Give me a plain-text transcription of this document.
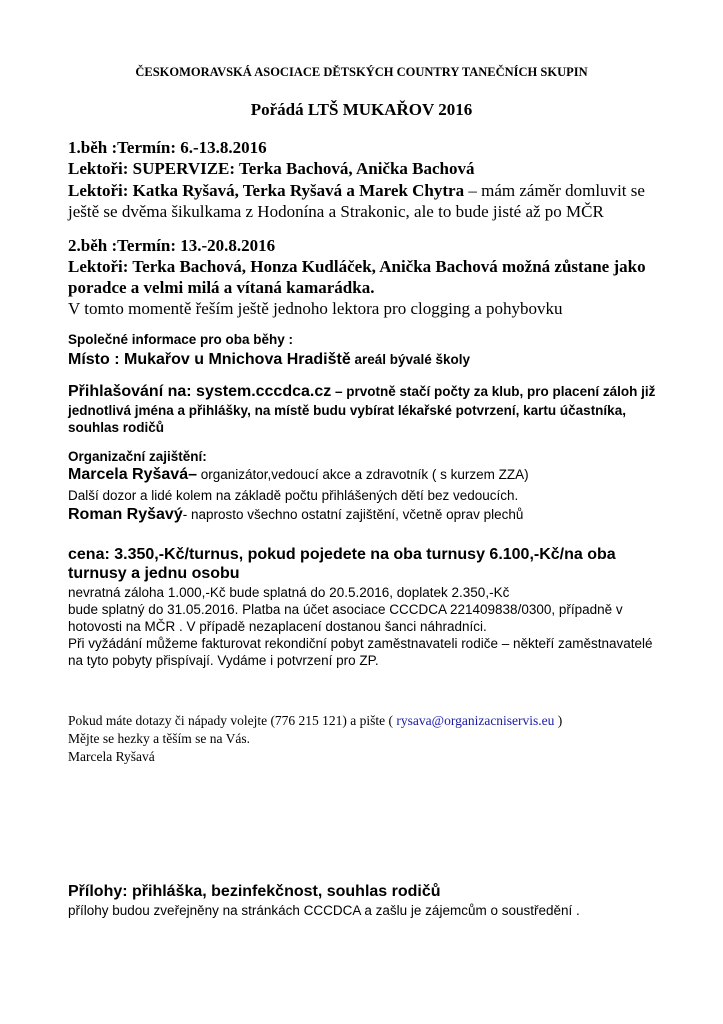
ČESKOMORAVSKÁ ASOCIACE DĚTSKÝCH COUNTRY TANEČNÍCH SKUPIN
Pořádá LTŠ MUKAŘOV 2016
1.běh :Termín: 6.-13.8.2016
Lektoři: SUPERVIZE: Terka Bachová, Anička Bachová
Lektoři: Katka Ryšavá, Terka Ryšavá a Marek Chytra – mám záměr domluvit se
ještě se dvěma šikulkama z Hodonína a Strakonic, ale to bude jisté až po MČR
2.běh :Termín: 13.-20.8.2016
Lektoři: Terka Bachová, Honza Kudláček, Anička Bachová možná zůstane jako
poradce a velmi milá a vítaná kamarádka.
V tomto momentě řeším ještě jednoho lektora pro clogging a pohybovku
Společné informace pro oba běhy :
Místo : Mukařov u Mnichova Hradiště areál bývalé školy
Přihlašování na: system.cccdca.cz – prvotně stačí počty za klub, pro placení záloh již
jednotlivá jména a přihlášky, na místě budu vybírat lékařské potvrzení, kartu účastníka,
souhlas rodičů
Organizační zajištění:
Marcela Ryšavá– organizátor,vedoucí akce a zdravotník ( s kurzem ZZA)
Další dozor a lidé kolem na základě počtu přihlášených dětí bez vedoucích.
Roman Ryšavý- naprosto všechno ostatní zajištění, včetně oprav plechů
cena: 3.350,-Kč/turnus, pokud pojedete na oba turnusy 6.100,-Kč/na oba
turnusy a jednu osobu
nevratná záloha 1.000,-Kč bude splatná do 20.5.2016, doplatek 2.350,-Kč
bude splatný do 31.05.2016. Platba na účet asociace CCCDCA 221409838/0300, případně v
hotovosti na MČR . V případě nezaplacení dostanou šanci náhradníci.
Při vyžádání můžeme fakturovat rekondiční pobyt zaměstnavateli rodiče – někteří zaměstnavatelé
na tyto pobyty přispívají. Vydáme i potvrzení pro ZP.
Pokud máte dotazy či nápady volejte (776 215 121) a pište ( rysava@organizacniservis.eu )
Mějte se hezky a těším se na Vás.
Marcela Ryšavá
Přílohy: přihláška, bezinfekčnost, souhlas rodičů
přílohy budou zveřejněny na stránkách CCCDCA a zašlu je zájemcům o soustředění .
